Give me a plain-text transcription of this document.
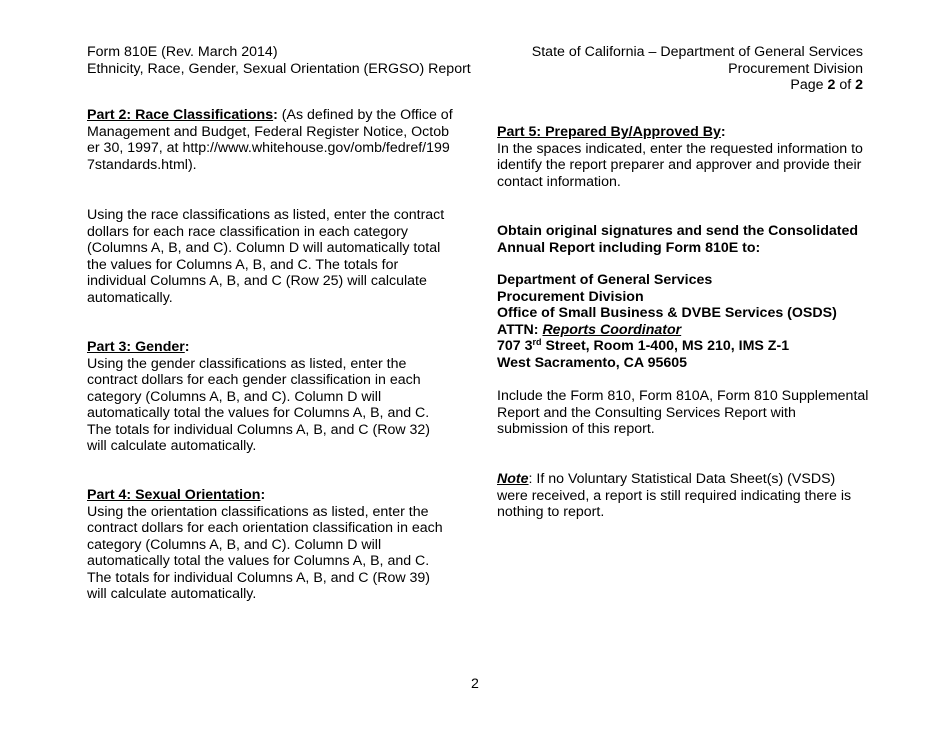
Form 810E (Rev. March 2014)

Ethnicity, Race, Gender, Sexual Orientation (ERGSO) Report

State of California – Department of General Services

Procurement Division

Page 2 of 2

Part 2: Race Classifications: (As defined by the Office of Management and Budget, Federal Register Notice, October 30, 1997, at http://www.whitehouse.gov/omb/fedref/1997standards.html).

Using the race classifications as listed, enter the contract dollars for each race classification in each category (Columns A, B, and C). Column D will automatically total the values for Columns A, B, and C. The totals for individual Columns A, B, and C (Row 25) will calculate automatically.

Part 3: Gender:

Using the gender classifications as listed, enter the contract dollars for each gender classification in each category (Columns A, B, and C). Column D will automatically total the values for Columns A, B, and C. The totals for individual Columns A, B, and C (Row 32) will calculate automatically.

Part 4: Sexual Orientation:

Using the orientation classifications as listed, enter the contract dollars for each orientation classification in each category (Columns A, B, and C). Column D will automatically total the values for Columns A, B, and C. The totals for individual Columns A, B, and C (Row 39) will calculate automatically.

Part 5: Prepared By/Approved By:

In the spaces indicated, enter the requested information to identify the report preparer and approver and provide their contact information.

Obtain original signatures and send the Consolidated Annual Report including Form 810E to:

Department of General Services

Procurement Division

Office of Small Business & DVBE Services (OSDS)

ATTN: Reports Coordinator

707 3rd Street, Room 1-400, MS 210, IMS Z-1

West Sacramento, CA 95605

Include the Form 810, Form 810A, Form 810 Supplemental Report and the Consulting Services Report with submission of this report.

Note: If no Voluntary Statistical Data Sheet(s) (VSDS) were received, a report is still required indicating there is nothing to report.

2
